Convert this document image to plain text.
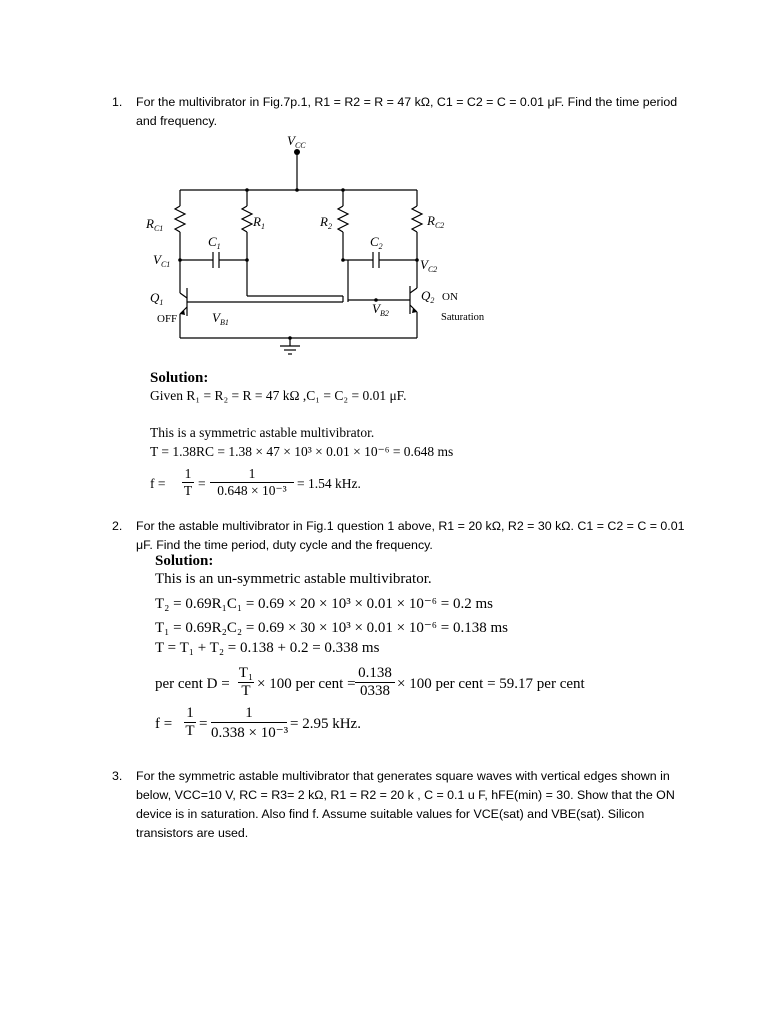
1. For the multivibrator in Fig.7p.1, R1 = R2 = R = 47 kΩ, C1 = C2 = C = 0.01 μF. Find the time period and frequency.
$V_{CC}$
$R_{C1}$	$R_1$	$R_2$	$R_{C2}$
$C_1$	$C_2$
$V_{C1}$	$V_{C2}$
$Q_1$	$Q_2$
$V_{B1}$
$V_{B2}$
ON
OFF	Saturation
Solution:
Given R₁ = R₂ = R = 47 kΩ ,C₁ = C₂ = 0.01 μF.
This is a symmetric astable multivibrator.
T = 1.38RC = 1.38 × 47 × 10³ × 0.01 × 10⁻⁶ = 0.648 ms
$f = \frac{1}{T} = \frac{1}{\text{0.648 × 10⁻³}} = 1.54$ kHz.
2. For the astable multivibrator in Fig.1 question 1 above, R1 = 20 kΩ, R2 = 30 kΩ. C1 = C2 = C = 0.01 μF. Find the time period, duty cycle and the frequency.
Solution:
This is an un-symmetric astable multivibrator.
T₂ = 0.69R₁C₁ = 0.69 × 20 × 10³ × 0.01 × 10⁻⁶ = 0.2 ms
T₁ = 0.69R₂C₂ = 0.69 × 30 × 10³ × 0.01 × 10⁻⁶ = 0.138 ms
T = T₁ + T₂ = 0.138 + 0.2 = 0.338 ms
per cent $D = \frac{\text{T₁}}{T} \times 100$ per cent = $\frac{0.138}{0338} \times 100$ per cent = 59.17 per cent
$f = \frac{1}{T} = \frac{1}{\text{0.338 × 10⁻³}} = 2.95$ kHz.
3. For the symmetric astable multivibrator that generates square waves with vertical edges shown in below, VCC=10 V, RC = R3= 2 kΩ, R1 = R2 = 20 k , C = 0.1 u F, hFE(min) = 30. Show that the ON device is in saturation. Also find f. Assume suitable values for VCE(sat) and VBE(sat). Silicon transistors are used.
